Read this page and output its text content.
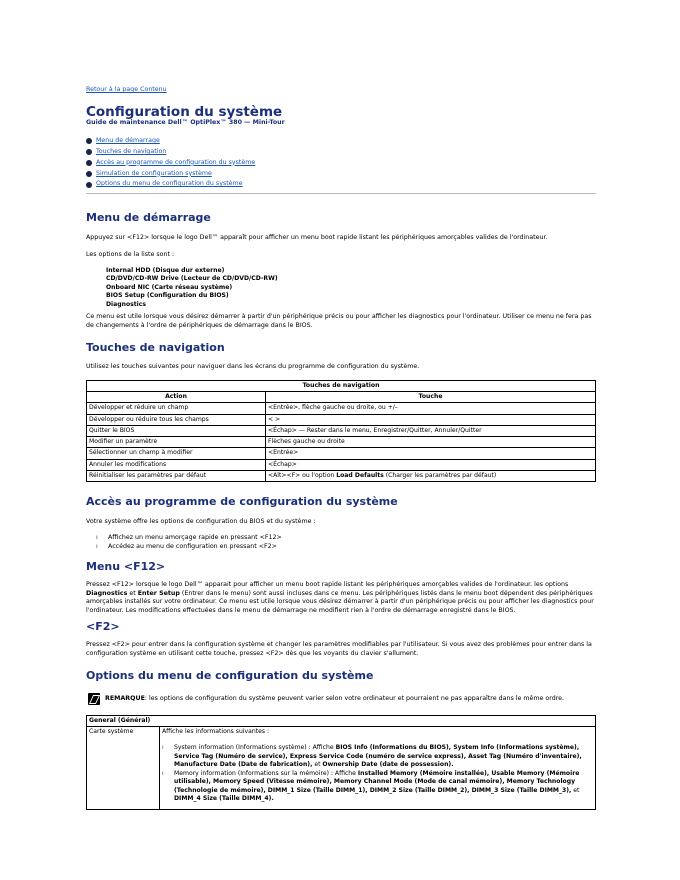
Retour à la page Contenu
Configuration du système
Guide de maintenance Dell™ OptiPlex™ 380 — Mini-Tour
Menu de démarrage
Touches de navigation
Accès au programme de configuration du système
Simulation de configuration système
Options du menu de configuration du système
Menu de démarrage

Appuyez sur <F12> lorsque le logo Dell™ apparaît pour afficher un menu boot rapide listant les périphériques amorçables valides de l'ordinateur.

Les options de la liste sont :

Internal HDD (Disque dur externe)
CD/DVD/CD-RW Drive (Lecteur de CD/DVD/CD-RW)
Onboard NIC (Carte réseau système)
BIOS Setup (Configuration du BIOS)
Diagnostics

Ce menu est utile lorsque vous désirez démarrer à partir d'un périphérique précis ou pour afficher les diagnostics pour l'ordinateur. Utiliser ce menu ne fera pas de changements à l'ordre de périphériques de démarrage dans le BIOS.

Touches de navigation

Utilisez les touches suivantes pour naviguer dans les écrans du programme de configuration du système.

Touches de navigation	
Action	Touche
Développer et réduire un champ	<Entrée>, flèche gauche ou droite, ou +/–
Développer ou réduire tous les champs	< >
Quitter le BIOS	<Échap> — Rester dans le menu, Enregistrer/Quitter, Annuler/Quitter
Modifier un paramètre	Flèches gauche ou droite
Sélectionner un champ à modifier	<Entrée>
Annuler les modifications	<Échap>
Réinitialiser les paramètres par défaut	<Alt><F> ou l'option Load Defaults (Charger les paramètres par défaut)
Accès au programme de configuration du système

Votre système offre les options de configuration du BIOS et du système :

ı	Affichez un menu amorçage rapide en pressant <F12>
ı	Accédez au menu de configuration en pressant <F2>
Menu <F12>

Pressez <F12> lorsque le logo Dell™ apparait pour afficher un menu boot rapide listant les périphériques amorçables valides de l'ordinateur. les options Diagnostics et Enter Setup (Entrer dans le menu) sont aussi incluses dans ce menu. Les périphériques listés dans le menu boot dépendent des périphériques amorçables installés sur votre ordinateur. Ce menu est utile lorsque vous désirez démarrer à partir d'un périphérique précis ou pour afficher les diagnostics pour l'ordinateur. Les modifications effectuées dans le menu de démarrage ne modifient rien à l'ordre de démarrage enregistré dans le BIOS.

<F2>

Pressez <F2> pour entrer dans la configuration système et changer les paramètres modifiables par l'utilisateur. Si vous avez des problèmes pour entrer dans la configuration système en utilisant cette touche, pressez <F2> dès que les voyants du clavier s'allument.

Options du menu de configuration du système
REMARQUE : les options de configuration du système peuvent varier selon votre ordinateur et pourraient ne pas apparaître dans le même ordre.
General (Général)
Carte système	Affiche les informations suivantes :
ı	System information (Informations système) : Affiche BIOS Info (Informations du BIOS), System Info (Informations système), Service Tag (Numéro de service), Express Service Code (numéro de service express), Asset Tag (Numéro d'inventaire), Manufacture Date (Date de fabrication), et Ownership Date (date de possession).
ı	Memory information (Informations sur la mémoire) : Affiche Installed Memory (Mémoire installée), Usable Memory (Mémoire utilisable), Memory Speed (Vitesse mémoire), Memory Channel Mode (Mode de canal mémoire), Memory Technology (Technologie de mémoire), DIMM_1 Size (Taille DIMM_1), DIMM_2 Size (Taille DIMM_2), DIMM_3 Size (Taille DIMM_3), et DIMM_4 Size (Taille DIMM_4).
